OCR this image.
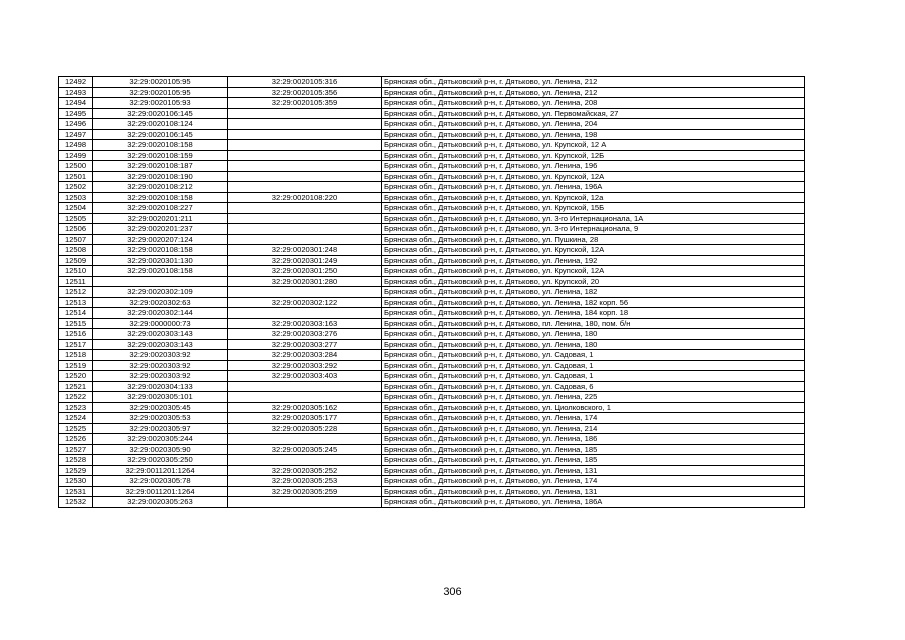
12492	32:29:0020105:95	32:29:0020105:316	Брянская обл., Дятьковский р-н, г. Дятьково, ул. Ленина, 212
12493	32:29:0020105:95	32:29:0020105:356	Брянская обл., Дятьковский р-н, г. Дятьково, ул. Ленина, 212
12494	32:29:0020105:93	32:29:0020105:359	Брянская обл., Дятьковский р-н, г. Дятьково, ул. Ленина, 208
12495	32:29:0020106:145		Брянская обл., Дятьковский р-н, г. Дятьково, ул. Первомайская, 27
12496	32:29:0020108:124		Брянская обл., Дятьковский р-н, г. Дятьково, ул. Ленина, 204
12497	32:29:0020106:145		Брянская обл., Дятьковский р-н, г. Дятьково, ул. Ленина, 198
12498	32:29:0020108:158		Брянская обл., Дятьковский р-н, г. Дятьково, ул. Крупской, 12 А
12499	32:29:0020108:159		Брянская обл., Дятьковский р-н, г. Дятьково, ул. Крупской, 12Б
12500	32:29:0020108:187		Брянская обл., Дятьковский р-н, г. Дятьково, ул. Ленина, 196
12501	32:29:0020108:190		Брянская обл., Дятьковский р-н, г. Дятьково, ул. Крупской, 12А
12502	32:29:0020108:212		Брянская обл., Дятьковский р-н, г. Дятьково, ул. Ленина, 196А
12503	32:29:0020108:158	32:29:0020108:220	Брянская обл., Дятьковский р-н, г. Дятьково, ул. Крупской, 12а
12504	32:29:0020108:227		Брянская обл., Дятьковский р-н, г. Дятьково, ул. Крупской, 15Б
12505	32:29:0020201:211		Брянская обл., Дятьковский р-н, г. Дятьково, ул. 3-го Интернационала, 1А
12506	32:29:0020201:237		Брянская обл., Дятьковский р-н, г. Дятьково, ул. 3-го Интернационала, 9
12507	32:29:0020207:124		Брянская обл., Дятьковский р-н, г. Дятьково, ул. Пушкина, 28
12508	32:29:0020108:158	32:29:0020301:248	Брянская обл., Дятьковский р-н, г. Дятьково, ул. Крупской, 12А
12509	32:29:0020301:130	32:29:0020301:249	Брянская обл., Дятьковский р-н, г. Дятьково, ул. Ленина, 192
12510	32:29:0020108:158	32:29:0020301:250	Брянская обл., Дятьковский р-н, г. Дятьково, ул. Крупской, 12А
12511		32:29:0020301:280	Брянская обл., Дятьковский р-н, г. Дятьково, ул. Крупской, 20
12512	32:29:0020302:109		Брянская обл., Дятьковский р-н, г. Дятьково, ул. Ленина, 182
12513	32:29:0020302:63	32:29:0020302:122	Брянская обл., Дятьковский р-н, г. Дятьково, ул. Ленина, 182 корп. 56
12514	32:29:0020302:144		Брянская обл., Дятьковский р-н, г. Дятьково, ул. Ленина, 184 корп. 18
12515	32:29:0000000:73	32:29:0020303:163	Брянская обл., Дятьковский р-н, г. Дятьково, пл. Ленина, 180, пом. б/н
12516	32:29:0020303:143	32:29:0020303:276	Брянская обл., Дятьковский р-н, г. Дятьково, ул. Ленина, 180
12517	32:29:0020303:143	32:29:0020303:277	Брянская обл., Дятьковский р-н, г. Дятьково, ул. Ленина, 180
12518	32:29:0020303:92	32:29:0020303:284	Брянская обл., Дятьковский р-н, г. Дятьково, ул. Садовая, 1
12519	32:29:0020303:92	32:29:0020303:292	Брянская обл., Дятьковский р-н, г. Дятьково, ул. Садовая, 1
12520	32:29:0020303:92	32:29:0020303:403	Брянская обл., Дятьковский р-н, г. Дятьково, ул. Садовая, 1
12521	32:29:0020304:133		Брянская обл., Дятьковский р-н, г. Дятьково, ул. Садовая, 6
12522	32:29:0020305:101		Брянская обл., Дятьковский р-н, г. Дятьково, ул. Ленина, 225
12523	32:29:0020305:45	32:29:0020305:162	Брянская обл., Дятьковский р-н, г. Дятьково, ул. Циолковского, 1
12524	32:29:0020305:53	32:29:0020305:177	Брянская обл., Дятьковский р-н, г. Дятьково, ул. Ленина, 174
12525	32:29:0020305:97	32:29:0020305:228	Брянская обл., Дятьковский р-н, г. Дятьково, ул. Ленина, 214
12526	32:29:0020305:244		Брянская обл., Дятьковский р-н, г. Дятьково, ул. Ленина, 186
12527	32:29:0020305:90	32:29:0020305:245	Брянская обл., Дятьковский р-н, г. Дятьково, ул. Ленина, 185
12528	32:29:0020305:250		Брянская обл., Дятьковский р-н, г. Дятьково, ул. Ленина, 185
12529	32:29:0011201:1264	32:29:0020305:252	Брянская обл., Дятьковский р-н, г. Дятьково, ул. Ленина, 131
12530	32:29:0020305:78	32:29:0020305:253	Брянская обл., Дятьковский р-н, г. Дятьково, ул. Ленина, 174
12531	32:29:0011201:1264	32:29:0020305:259	Брянская обл., Дятьковский р-н, г. Дятьково, ул. Ленина, 131
12532	32:29:0020305:263		Брянская обл., Дятьковский р-н, г. Дятьково, ул. Ленина, 186А
306
